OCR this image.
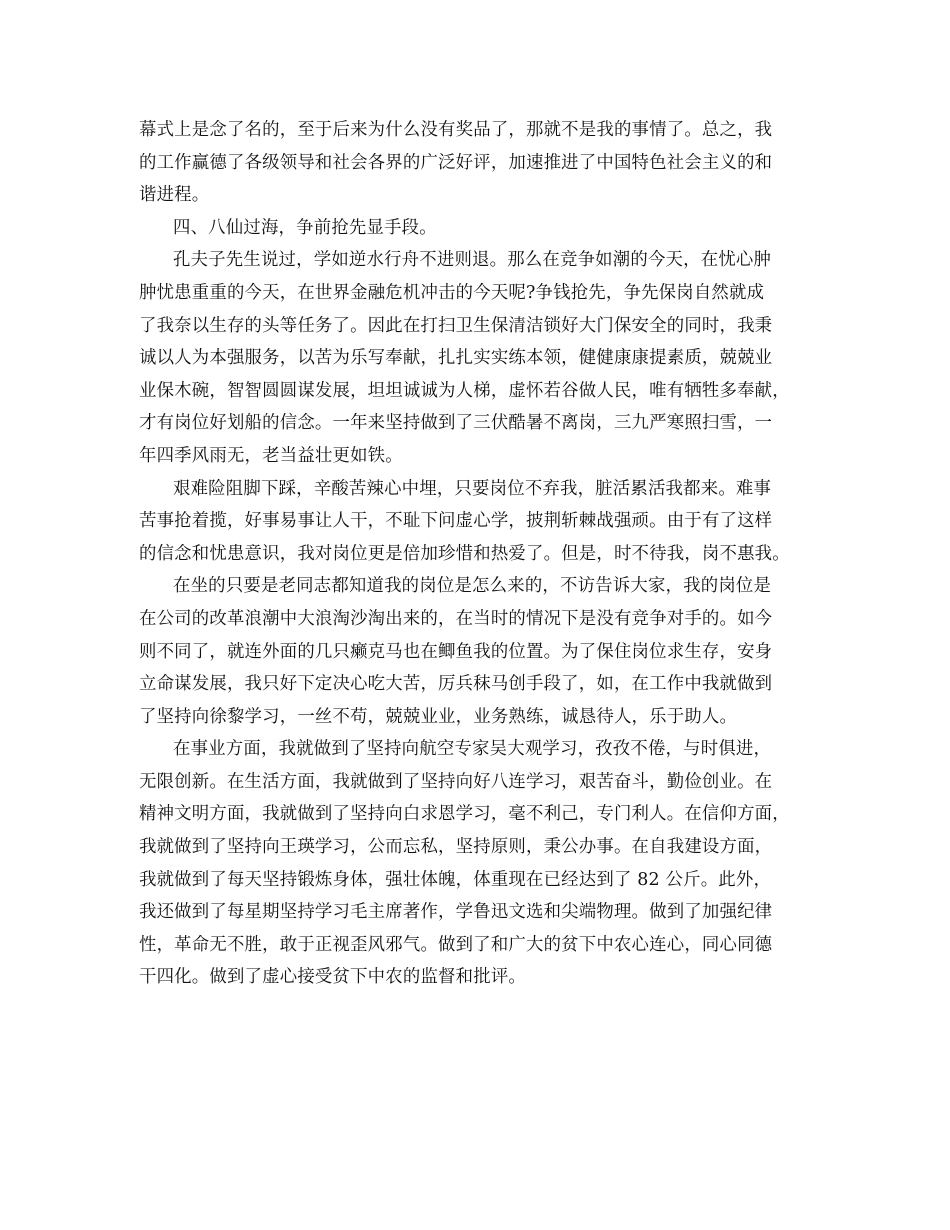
幕式上是念了名的，至于后来为什么没有奖品了，那就不是我的事情了。总之，我
的工作赢德了各级领导和社会各界的广泛好评，加速推进了中国特色社会主义的和
谐进程。
四、八仙过海，争前抢先显手段。
孔夫子先生说过，学如逆水行舟不进则退。那么在竞争如潮的今天，在忧心肿
肿忧患重重的今天，在世界金融危机冲击的今天呢?争钱抢先，争先保岗自然就成
了我奈以生存的头等任务了。因此在打扫卫生保清洁锁好大门保安全的同时，我秉
诚以人为本强服务，以苦为乐写奉献，扎扎实实练本领，健健康康提素质，兢兢业
业保木碗，智智圆圆谋发展，坦坦诚诚为人梯，虚怀若谷做人民，唯有牺牲多奉献，
才有岗位好划船的信念。一年来坚持做到了三伏酷暑不离岗，三九严寒照扫雪，一
年四季风雨无，老当益壮更如铁。
艰难险阻脚下踩，辛酸苦辣心中埋，只要岗位不弃我，脏活累活我都来。难事
苦事抢着揽，好事易事让人干，不耻下问虚心学，披荆斩棘战强顽。由于有了这样
的信念和忧患意识，我对岗位更是倍加珍惜和热爱了。但是，时不待我，岗不惠我。
在坐的只要是老同志都知道我的岗位是怎么来的，不访告诉大家，我的岗位是
在公司的改革浪潮中大浪淘沙淘出来的，在当时的情况下是没有竞争对手的。如今
则不同了，就连外面的几只癞克马也在鲫鱼我的位置。为了保住岗位求生存，安身
立命谋发展，我只好下定决心吃大苦，厉兵秣马创手段了，如，在工作中我就做到
了坚持向徐黎学习，一丝不苟，兢兢业业，业务熟练，诚恳待人，乐于助人。
在事业方面，我就做到了坚持向航空专家吴大观学习，孜孜不倦，与时俱进，
无限创新。在生活方面，我就做到了坚持向好八连学习，艰苦奋斗，勤俭创业。在
精神文明方面，我就做到了坚持向白求恩学习，毫不利己，专门利人。在信仰方面，
我就做到了坚持向王瑛学习，公而忘私，坚持原则，秉公办事。在自我建设方面，
我就做到了每天坚持锻炼身体，强壮体魄，体重现在已经达到了 82 公斤。此外，
我还做到了每星期坚持学习毛主席著作，学鲁迅文选和尖端物理。做到了加强纪律
性，革命无不胜，敢于正视歪风邪气。做到了和广大的贫下中农心连心，同心同德
干四化。做到了虚心接受贫下中农的监督和批评。
